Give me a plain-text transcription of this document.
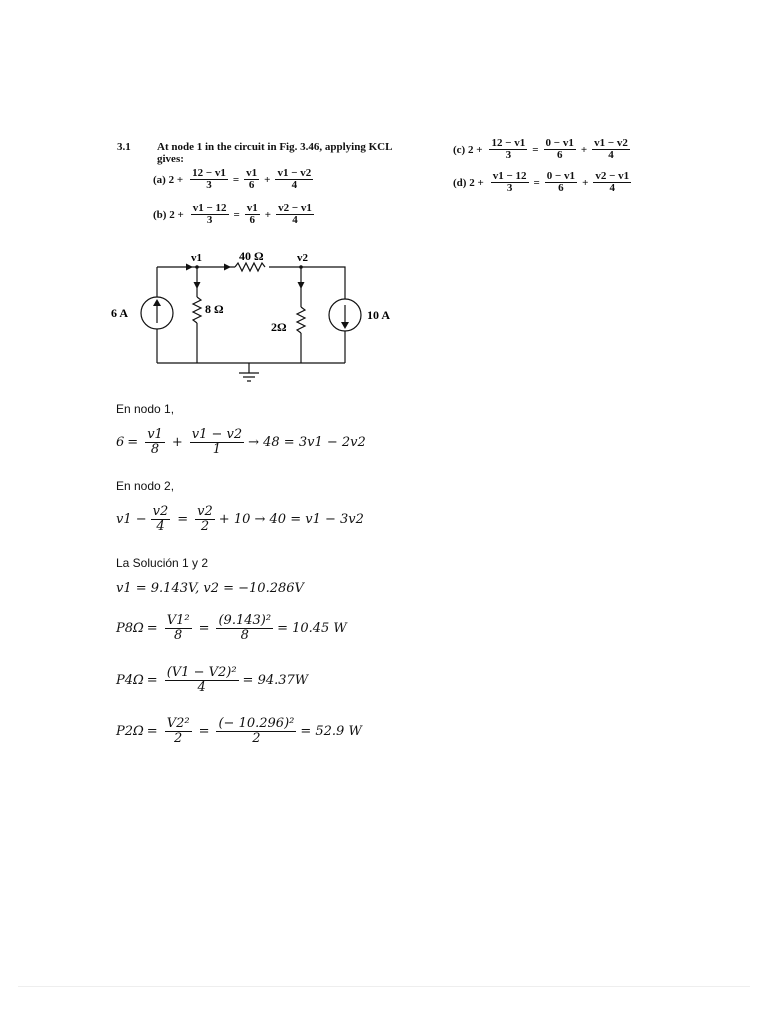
3.1 At node 1 in the circuit in Fig. 3.46, applying KCL
gives:
(a) $2 + \frac{12 - v1}{3} = \frac{v1}{6} + \frac{v1 - v2}{4}$
(b) $2 + \frac{v1 - 12}{3} = \frac{v1}{6} + \frac{v2 - v1}{4}$
(c) $2 + \frac{12 - v1}{3} = \frac{0 - v1}{6} + \frac{v1 - v2}{4}$
(d) $2 + \frac{v1 - 12}{3} = \frac{0 - v1}{6} + \frac{v2 - v1}{4}$
6 A	10 A
8 Ω
40 Ω
2Ω
v1	v2
En nodo 1,
$6 = \frac{v1}{8} + \frac{v1 - v2}{1} \to 48 = 3v1 - 2v2$
En nodo 2,
$v1 - \frac{v2}{4} = \frac{v2}{2} + 10 \to 40 = v1 - 3v2$
La Solución 1 y 2
v1 = 9.143V, v2 = −10.286V
$P8\Omega = \frac{\text{V1²}}{8} = \frac{\text{(9.143)²}}{8} = 10.45$ W
$P4\Omega = \frac{\text{(V1 − V2)²}}{4} = 94.37W$
$P2\Omega = \frac{\text{V2²}}{2} = \frac{\text{(− 10.296)²}}{2} = 52.9$ W
